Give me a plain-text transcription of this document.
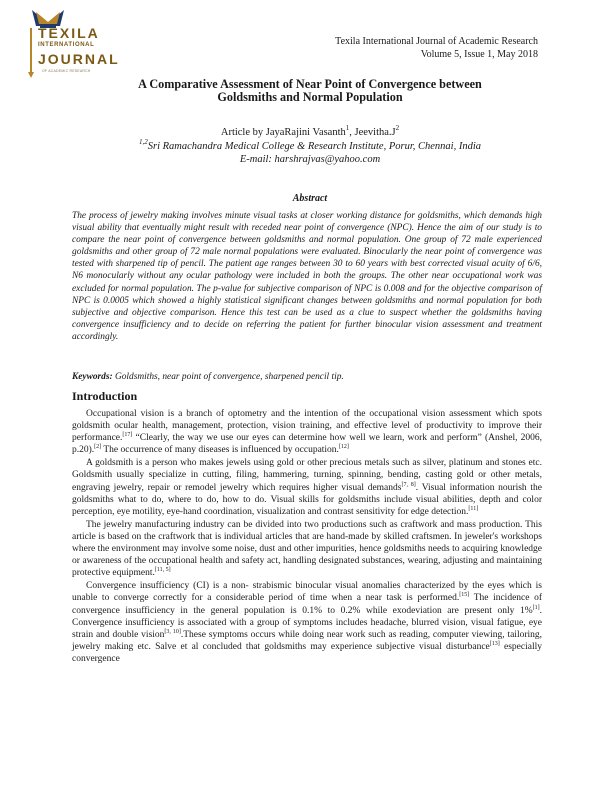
TEXILA
INTERNATIONAL
JOURNAL
OF ACADEMIC RESEARCH
Texila International Journal of Academic Research
Volume 5, Issue 1, May 2018
A Comparative Assessment of Near Point of Convergence between
Goldsmiths and Normal Population
Article by JayaRajini Vasanth$^1$, $Jeevitha.J^2$
$^{1,2}$Sri Ramachandra Medical College & Research Institute, Porur, Chennai, India
E-mail: harshrajvas@yahoo.com
Abstract

The process of jewelry making involves minute visual tasks at closer working distance for goldsmiths, which demands high visual ability that eventually might result with receded near point of convergence (NPC). Hence the aim of our study is to compare the near point of convergence between goldsmiths and normal population. One group of 72 male experienced goldsmiths and other group of 72 male normal populations were evaluated. Binocularly the near point of convergence was tested with sharpened tip of pencil. The patient age ranges between 30 to 60 years with best corrected visual acuity of 6/6, N6 monocularly without any ocular pathology were included in both the groups. The other near occupational work was excluded for normal population. The p-value for subjective comparison of NPC is 0.008 and for the objective comparison of NPC is 0.0005 which showed a highly statistical significant changes between goldsmiths and normal population for both subjective and objective comparison. Hence this test can be used as a clue to suspect whether the goldsmiths having convergence insufficiency and to decide on referring the patient for further binocular vision assessment and treatment accordingly.

Keywords: Goldsmiths, near point of convergence, sharpened pencil tip.
Introduction

Occupational vision is a branch of optometry and the intention of the occupational vision assessment which spots goldsmith ocular health, management, protection, vision training, and effective level of productivity to improve their performance.[17] “Clearly, the way we use our eyes can determine how well we learn, work and perform” (Anshel, 2006, p.20).[2] The occurrence of many diseases is influenced by occupation.[12]

A goldsmith is a person who makes jewels using gold or other precious metals such as silver, platinum and stones etc. Goldsmith usually specialize in cutting, filing, hammering, turning, spinning, bending, casting gold or other metals, engraving jewelry, repair or remodel jewelry which requires higher visual demands[7, 8]. Visual information nourish the goldsmiths what to do, where to do, how to do. Visual skills for goldsmiths include visual abilities, depth and color perception, eye motility, eye-hand coordination, visualization and contrast sensitivity for edge detection.[11]

The jewelry manufacturing industry can be divided into two productions such as craftwork and mass production. This article is based on the craftwork that is individual articles that are hand-made by skilled craftsmen. In jeweler's workshops where the environment may involve some noise, dust and other impurities, hence goldsmiths needs to acquiring knowledge or awareness of the occupational health and safety act, handling designated substances, wearing, adjusting and maintaining protective equipment.[11, 5]

Convergence insufficiency (CI) is a non- strabismic binocular visual anomalies characterized by the eyes which is unable to converge correctly for a considerable period of time when a near task is performed.[15] The incidence of convergence insufficiency in the general population is 0.1% to 0.2% while exodeviation are present only 1%[1]. Convergence insufficiency is associated with a group of symptoms includes headache, blurred vision, visual fatigue, eye strain and double vision[3, 10].These symptoms occurs while doing near work such as reading, computer viewing, tailoring, jewelry making etc. Salve et al concluded that goldsmiths may experience subjective visual disturbance[13] especially convergence
